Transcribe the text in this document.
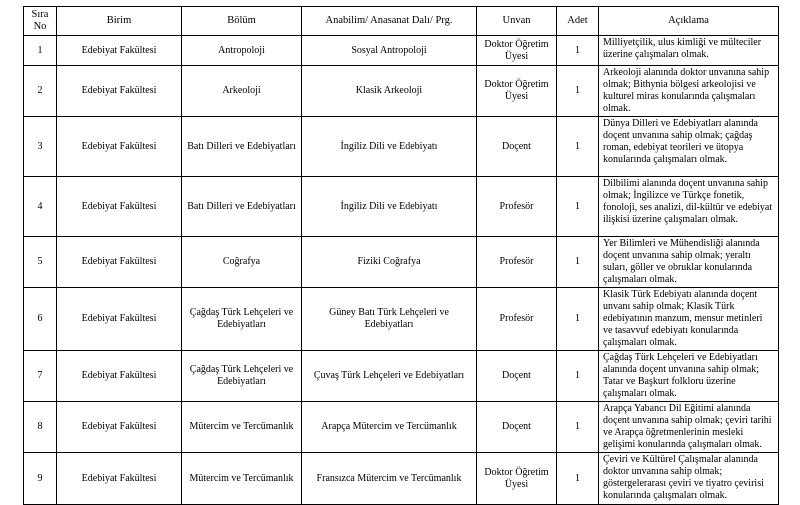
Sıra No	Birim	Bölüm	Anabilim/ Anasanat Dalı/ Prg.	Unvan	Adet	Açıklama
1	Edebiyat Fakültesi	Antropoloji	Sosyal Antropoloji	Doktor Öğretim Üyesi	1	Milliyetçilik, ulus kimliği ve mülteciler üzerine çalışmaları olmak.
2	Edebiyat Fakültesi	Arkeoloji	Klasik Arkeoloji	Doktor Öğretim Üyesi	1	Arkeoloji alanında doktor unvanına sahip olmak; Bithynia bölgesi arkeolojisi ve kulturel miras konularında çalışmaları olmak.
3	Edebiyat Fakültesi	Batı Dilleri ve Edebiyatları	İngiliz Dili ve Edebiyatı	Doçent	1	Dünya Dilleri ve Edebiyatları alanında doçent unvanına sahip olmak; çağdaş roman, edebiyat teorileri ve ütopya konularında çalışmaları olmak.
4	Edebiyat Fakültesi	Batı Dilleri ve Edebiyatları	İngiliz Dili ve Edebiyatı	Profesör	1	Dilbilimi alanında doçent unvanına sahip olmak; İngilizce ve Türkçe fonetik, fonoloji, ses analizi, dil-kültür ve edebiyat ilişkisi üzerine çalışmaları olmak.
5	Edebiyat Fakültesi	Coğrafya	Fiziki Coğrafya	Profesör	1	Yer Bilimleri ve Mühendisliği alanında doçent unvanına sahip olmak; yeraltı suları, göller ve obruklar konularında çalışmaları olmak.
6	Edebiyat Fakültesi	Çağdaş Türk Lehçeleri ve Edebiyatları	Güney Batı Türk Lehçeleri ve Edebiyatları	Profesör	1	Klasik Türk Edebiyatı alanında doçent unvanı sahip olmak; Klasik Türk edebiyatının manzum, mensur metinleri ve tasavvuf edebiyatı konularında çalışmaları olmak.
7	Edebiyat Fakültesi	Çağdaş Türk Lehçeleri ve Edebiyatları	Çuvaş Türk Lehçeleri ve Edebiyatları	Doçent	1	Çağdaş Türk Lehçeleri ve Edebiyatları alanında doçent unvanına sahip olmak; Tatar ve Başkurt folkloru üzerine çalışmaları olmak.
8	Edebiyat Fakültesi	Mütercim ve Tercümanlık	Arapça Mütercim ve Tercümanlık	Doçent	1	Arapça Yabancı Dil Eğitimi alanında doçent unvanına sahip olmak; çeviri tarihi ve Arapça öğretmenlerinin mesleki gelişimi konularında çalışmaları olmak.
9	Edebiyat Fakültesi	Mütercim ve Tercümanlık	Fransızca Mütercim ve Tercümanlık	Doktor Öğretim Üyesi	1	Çeviri ve Kültürel Çalışmalar alanında doktor unvanına sahip olmak; göstergelerarası çeviri ve tiyatro çevirisi konularında çalışmaları olmak.
